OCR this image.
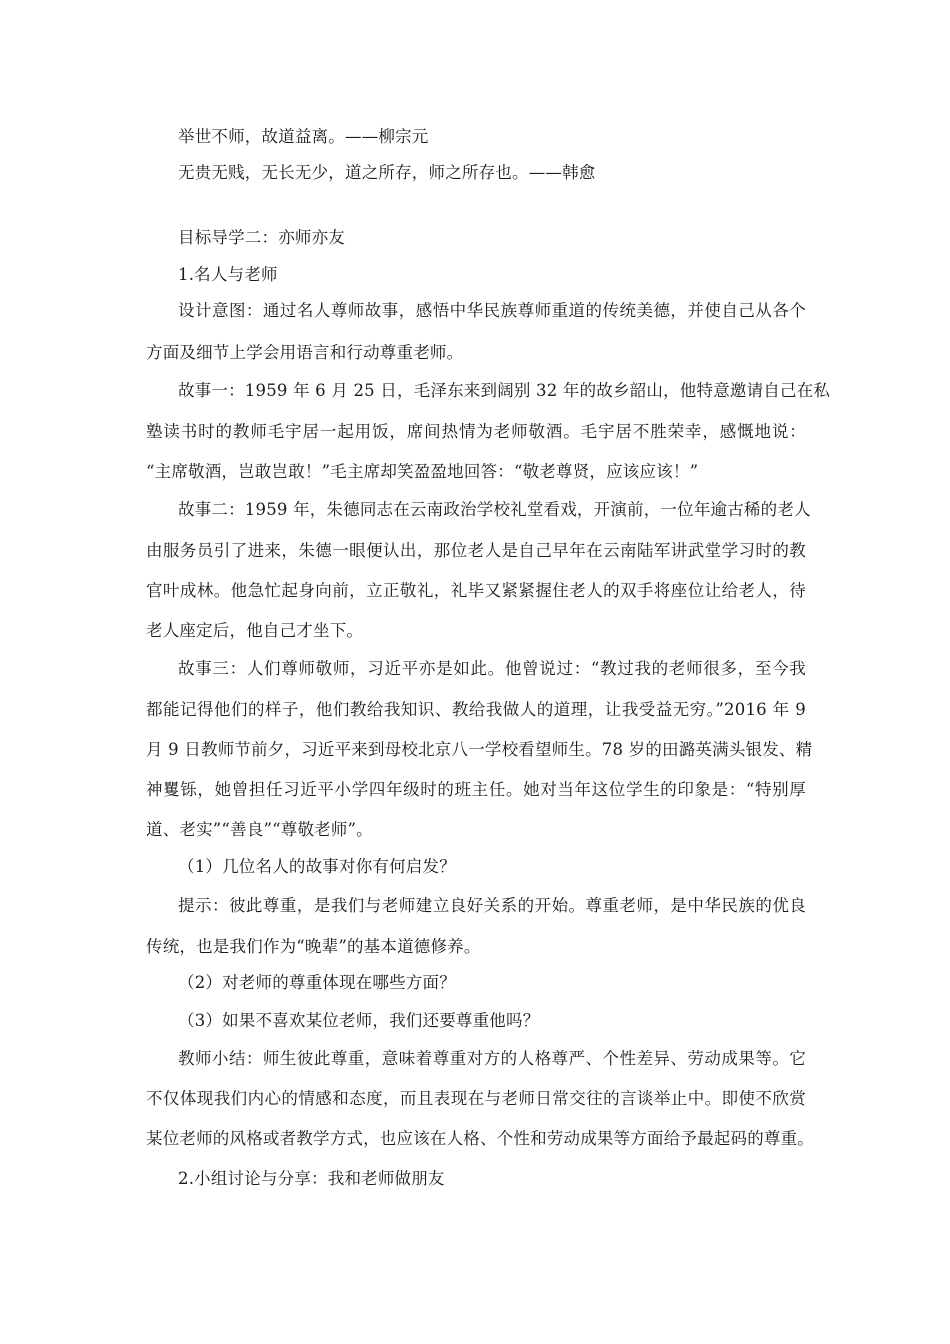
举世不师，故道益离。——柳宗元
无贵无贱，无长无少，道之所存，师之所存也。——韩愈
目标导学二：亦师亦友
1.名人与老师
设计意图：通过名人尊师故事，感悟中华民族尊师重道的传统美德，并使自己从各个
方面及细节上学会用语言和行动尊重老师。
故事一：1959 年 6 月 25 日，毛泽东来到阔别 32 年的故乡韶山，他特意邀请自己在私
塾读书时的教师毛宇居一起用饭，席间热情为老师敬酒。毛宇居不胜荣幸，感慨地说：
“主席敬酒，岂敢岂敢！”毛主席却笑盈盈地回答：“敬老尊贤，应该应该！”
故事二：1959 年，朱德同志在云南政治学校礼堂看戏，开演前，一位年逾古稀的老人
由服务员引了进来，朱德一眼便认出，那位老人是自己早年在云南陆军讲武堂学习时的教
官叶成林。他急忙起身向前，立正敬礼，礼毕又紧紧握住老人的双手将座位让给老人，待
老人座定后，他自己才坐下。
故事三：人们尊师敬师，习近平亦是如此。他曾说过：“教过我的老师很多，至今我
都能记得他们的样子，他们教给我知识、教给我做人的道理，让我受益无穷。”2016 年 9
月 9 日教师节前夕，习近平来到母校北京八一学校看望师生。78 岁的田潞英满头银发、精
神矍铄，她曾担任习近平小学四年级时的班主任。她对当年这位学生的印象是：“特别厚
道、老实”“善良”“尊敬老师”。
（1）几位名人的故事对你有何启发？
提示：彼此尊重，是我们与老师建立良好关系的开始。尊重老师，是中华民族的优良
传统，也是我们作为“晚辈”的基本道德修养。
（2）对老师的尊重体现在哪些方面？
（3）如果不喜欢某位老师，我们还要尊重他吗？
教师小结：师生彼此尊重，意味着尊重对方的人格尊严、个性差异、劳动成果等。它
不仅体现我们内心的情感和态度，而且表现在与老师日常交往的言谈举止中。即使不欣赏
某位老师的风格或者教学方式，也应该在人格、个性和劳动成果等方面给予最起码的尊重。
2.小组讨论与分享：我和老师做朋友
